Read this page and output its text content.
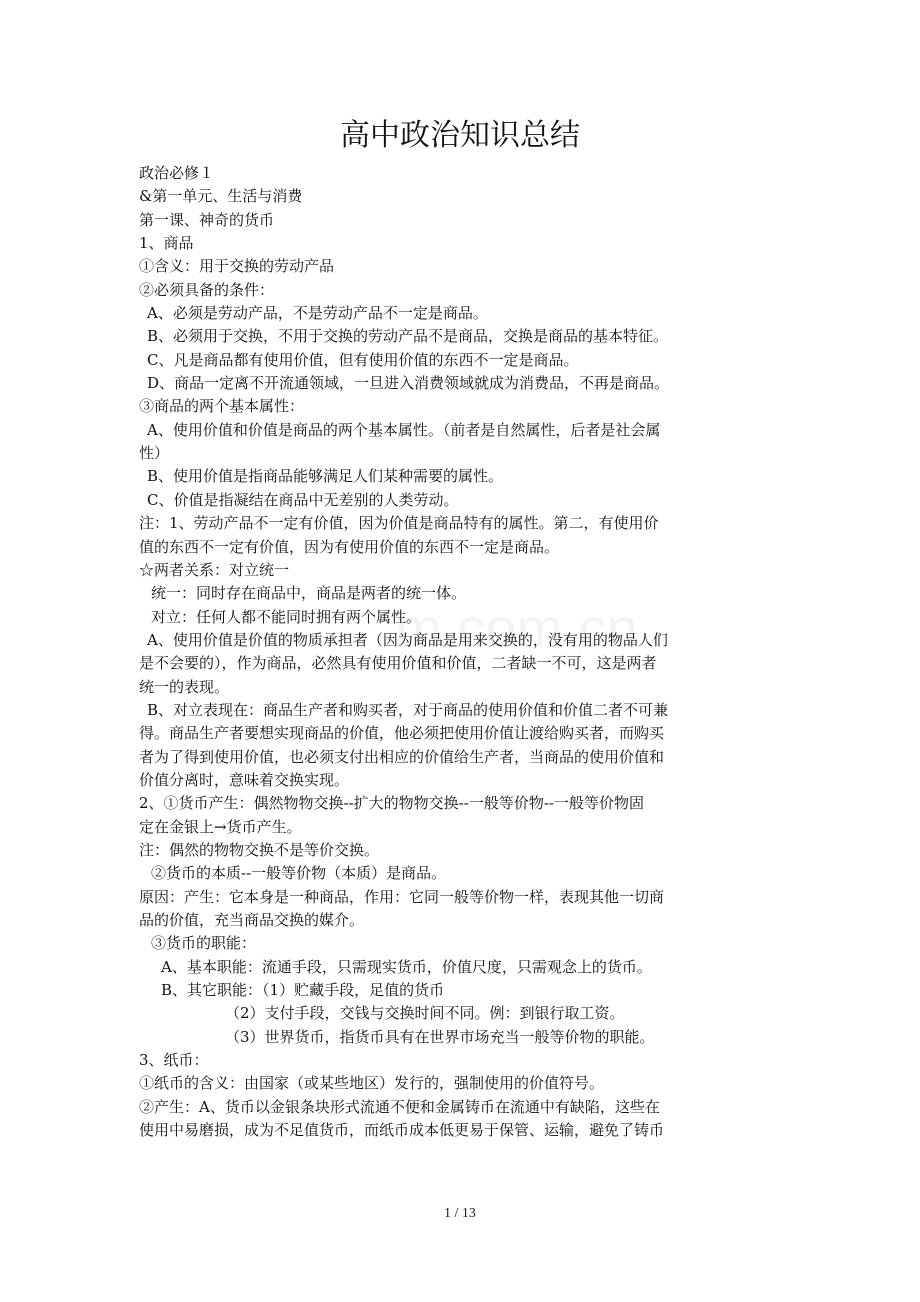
高中政治知识总结
政治必修１
&第一单元、生活与消费
第一课、神奇的货币
1、商品
①含义：用于交换的劳动产品
②必须具备的条件：
A、必须是劳动产品，不是劳动产品不一定是商品。
B、必须用于交换，不用于交换的劳动产品不是商品，交换是商品的基本特征。
C、凡是商品都有使用价值，但有使用价值的东西不一定是商品。
D、商品一定离不开流通领域，一旦进入消费领域就成为消费品，不再是商品。
③商品的两个基本属性：
A、使用价值和价值是商品的两个基本属性。（前者是自然属性，后者是社会属
性）
B、使用价值是指商品能够满足人们某种需要的属性。
C、价值是指凝结在商品中无差别的人类劳动。
注：1、劳动产品不一定有价值，因为价值是商品特有的属性。第二，有使用价
值的东西不一定有价值，因为有使用价值的东西不一定是商品。
☆两者关系：对立统一
统一：同时存在商品中，商品是两者的统一体。
对立：任何人都不能同时拥有两个属性。
A、使用价值是价值的物质承担者（因为商品是用来交换的，没有用的物品人们
是不会要的），作为商品，必然具有使用价值和价值，二者缺一不可，这是两者
统一的表现。
B、对立表现在：商品生产者和购买者，对于商品的使用价值和价值二者不可兼
得。商品生产者要想实现商品的价值，他必须把使用价值让渡给购买者，而购买
者为了得到使用价值，也必须支付出相应的价值给生产者，当商品的使用价值和
价值分离时，意味着交换实现。
2、①货币产生：偶然物物交换--扩大的物物交换--一般等价物--一般等价物固
定在金银上→货币产生。
注：偶然的物物交换不是等价交换。
②货币的本质--一般等价物（本质）是商品。
原因：产生：它本身是一种商品，作用：它同一般等价物一样，表现其他一切商
品的价值，充当商品交换的媒介。
③货币的职能：
A、基本职能：流通手段，只需现实货币，价值尺度，只需观念上的货币。
B、其它职能：（1）贮藏手段，足值的货币
（2）支付手段，交钱与交换时间不同。例：到银行取工资。
（3）世界货币，指货币具有在世界市场充当一般等价物的职能。
3、纸币：
①纸币的含义：由国家（或某些地区）发行的，强制使用的价值符号。
②产生：A、货币以金银条块形式流通不便和金属铸币在流通中有缺陷，这些在
使用中易磨损，成为不足值货币，而纸币成本低更易于保管、运输，避免了铸币
1 / 13
